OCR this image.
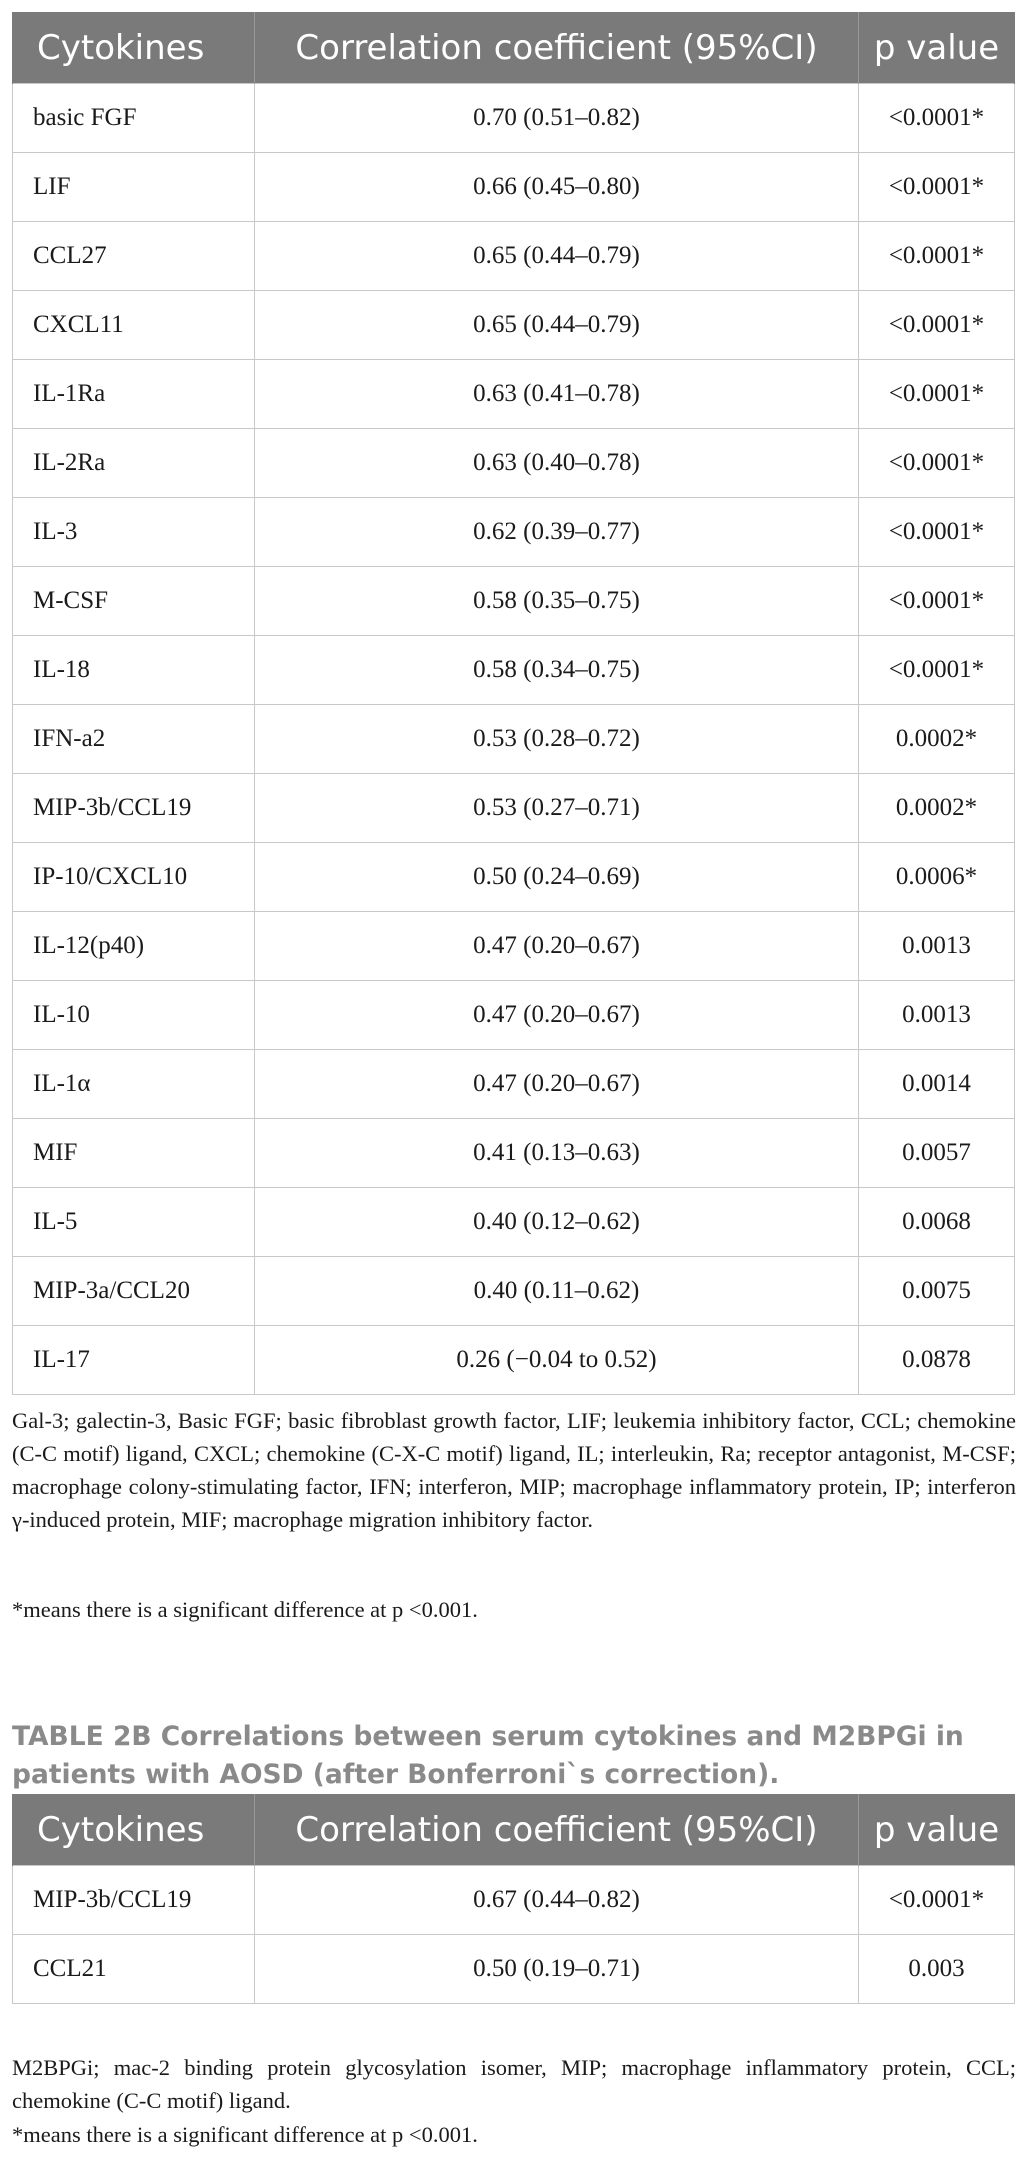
Cytokines	Correlation coefficient (95%CI)	p value
basic FGF	0.70 (0.51–0.82)	<0.0001*
LIF	0.66 (0.45–0.80)	<0.0001*
CCL27	0.65 (0.44–0.79)	<0.0001*
CXCL11	0.65 (0.44–0.79)	<0.0001*
IL-1Ra	0.63 (0.41–0.78)	<0.0001*
IL-2Ra	0.63 (0.40–0.78)	<0.0001*
IL-3	0.62 (0.39–0.77)	<0.0001*
M-CSF	0.58 (0.35–0.75)	<0.0001*
IL-18	0.58 (0.34–0.75)	<0.0001*
IFN-a2	0.53 (0.28–0.72)	0.0002*
MIP-3b/CCL19	0.53 (0.27–0.71)	0.0002*
IP-10/CXCL10	0.50 (0.24–0.69)	0.0006*
IL-12(p40)	0.47 (0.20–0.67)	0.0013
IL-10	0.47 (0.20–0.67)	0.0013
IL-1α	0.47 (0.20–0.67)	0.0014
MIF	0.41 (0.13–0.63)	0.0057
IL-5	0.40 (0.12–0.62)	0.0068
MIP-3a/CCL20	0.40 (0.11–0.62)	0.0075
IL-17	0.26 (−0.04 to 0.52)	0.0878

Gal-3; galectin-3, Basic FGF; basic fibroblast growth factor, LIF; leukemia inhibitory factor, CCL; chemokine (C-C motif) ligand, CXCL; chemokine (C-X-C motif) ligand, IL; interleukin, Ra; receptor antagonist, M-CSF; macrophage colony-stimulating factor, IFN; interferon, MIP; macrophage inflammatory protein, IP; interferon γ-induced protein, MIF; macrophage migration inhibitory factor.

*means there is a significant difference at p <0.001.

TABLE 2B Correlations between serum cytokines and M2BPGi in patients with AOSD (after Bonferroni`s correction).

Cytokines	Correlation coefficient (95%CI)	p value
MIP-3b/CCL19	0.67 (0.44–0.82)	<0.0001*
CCL21	0.50 (0.19–0.71)	0.003

M2BPGi; mac-2 binding protein glycosylation isomer, MIP; macrophage inflammatory protein, CCL; chemokine (C-C motif) ligand.

*means there is a significant difference at p <0.001.
